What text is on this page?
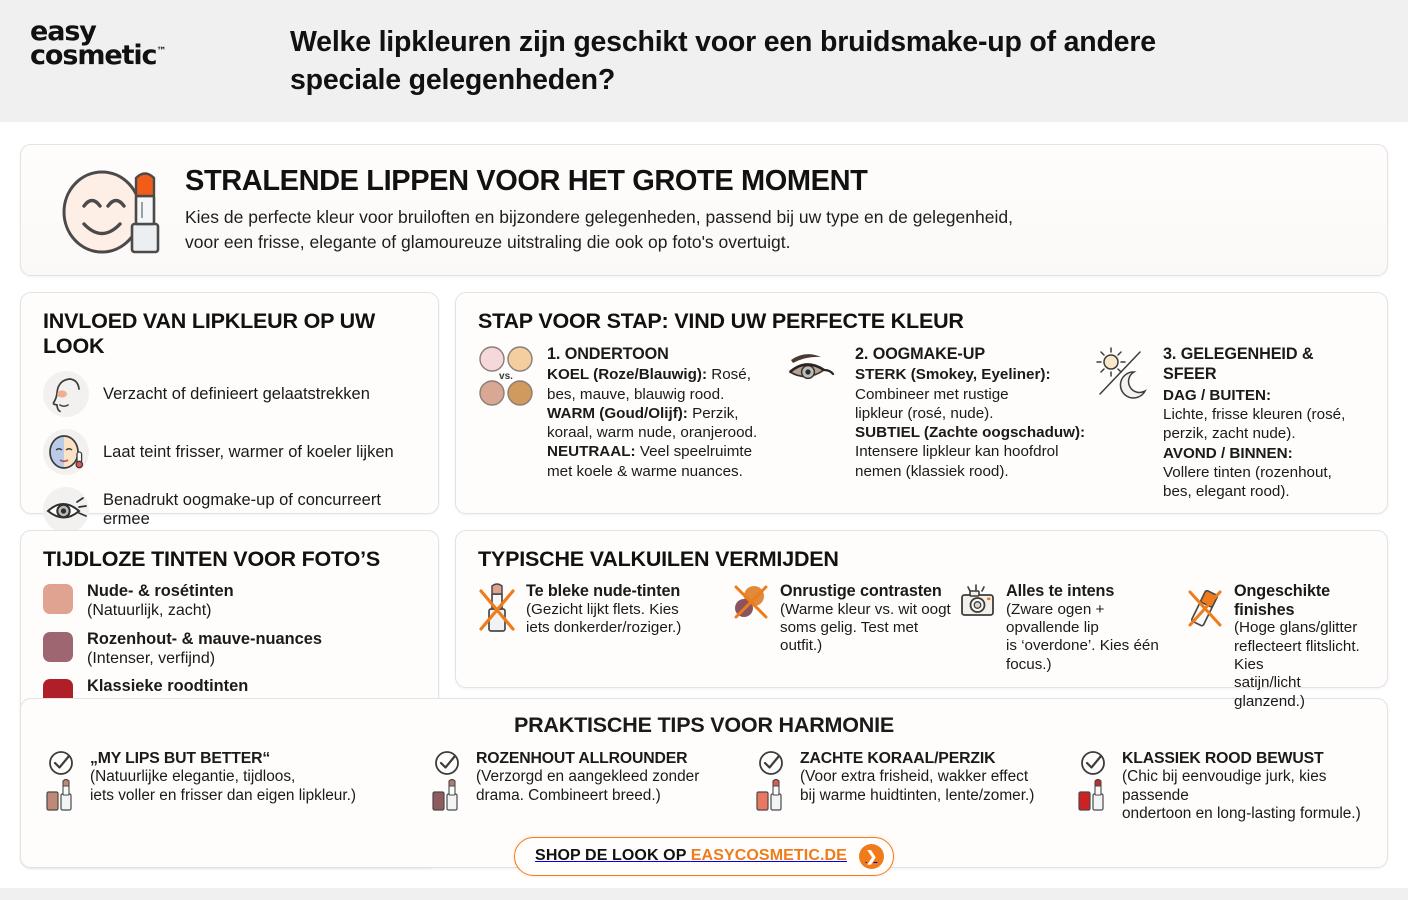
easy
cosmetic™	Welke lipkleuren zijn geschikt voor een bruidsmake-up of andere speciale gelegenheden?
STRALENDE LIPPEN VOOR HET GROTE MOMENT
Kies de perfecte kleur voor bruiloften en bijzondere gelegenheden, passend bij uw type en de gelegenheid,
voor een frisse, elegante of glamoureuze uitstraling die ook op foto's overtuigt.
INVLOED VAN LIPKLEUR OP UW LOOK
Verzacht of definieert gelaatstrekken
Laat teint frisser, warmer of koeler lijken
Benadrukt oogmake-up of concurreert ermee
STAP VOOR STAP: VIND UW PERFECTE KLEUR
vs.
1. ONDERTOON
KOEL (Roze/Blauwig): Rosé,
bes, mauve, blauwig rood.
WARM (Goud/Olijf): Perzik,
koraal, warm nude, oranjerood.
NEUTRAAL: Veel speelruimte
met koele & warme nuances.
2. OOGMAKE-UP
STERK (Smokey, Eyeliner):
Combineer met rustige
lipkleur (rosé, nude).
SUBTIEL (Zachte oogschaduw):
Intensere lipkleur kan hoofdrol
nemen (klassiek rood).
3. GELEGENHEID & SFEER
DAG / BUITEN:
Lichte, frisse kleuren (rosé,
perzik, zacht nude).
AVOND / BINNEN:
Vollere tinten (rozenhout,
bes, elegant rood).
TIJDLOZE TINTEN VOOR FOTO’S
Nude- & rosétinten
(Natuurlijk, zacht)
Rozenhout- & mauve-nuances
(Intenser, verfijnd)
Klassieke roodtinten
TYPISCHE VALKUILEN VERMIJDEN
Te bleke nude-tinten
(Gezicht lijkt flets. Kies
iets donkerder/roziger.)
Onrustige contrasten
(Warme kleur vs. wit oogt
soms gelig. Test met outfit.)
Alles te intens
(Zware ogen + opvallende lip
is ‘overdone’. Kies één focus.)
Ongeschikte finishes
(Hoge glans/glitter
reflecteert flitslicht. Kies
satijn/licht glanzend.)
PRAKTISCHE TIPS VOOR HARMONIE
„MY LIPS BUT BETTER“
(Natuurlijke elegantie, tijdloos,
iets voller en frisser dan eigen lipkleur.)
ROZENHOUT ALLROUNDER
(Verzorgd en aangekleed zonder
drama. Combineert breed.)
ZACHTE KORAAL/PERZIK
(Voor extra frisheid, wakker effect
bij warme huidtinten, lente/zomer.)
KLASSIEK ROOD BEWUST
(Chic bij eenvoudige jurk, kies passende
ondertoon en long-lasting formule.)
SHOP DE LOOK OP EASYCOSMETIC.DE	❯
